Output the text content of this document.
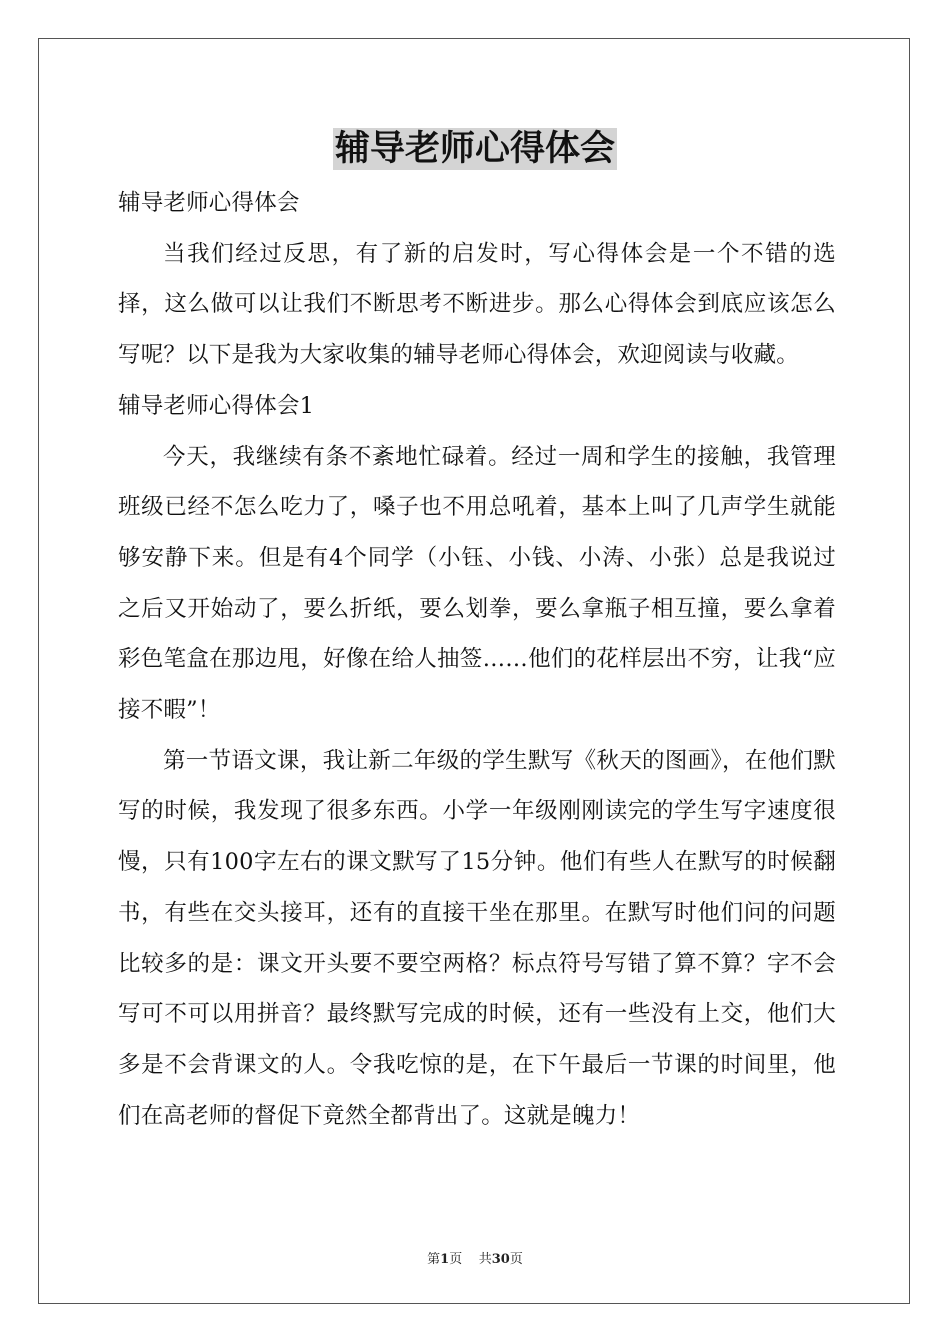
辅导老师心得体会

辅导老师心得体会

当我们经过反思，有了新的启发时，写心得体会是一个不错的选择，这么做可以让我们不断思考不断进步。那么心得体会到底应该怎么写呢？以下是我为大家收集的辅导老师心得体会，欢迎阅读与收藏。

辅导老师心得体会1

今天，我继续有条不紊地忙碌着。经过一周和学生的接触，我管理班级已经不怎么吃力了，嗓子也不用总吼着，基本上叫了几声学生就能够安静下来。但是有4个同学（小钰、小钱、小涛、小张）总是我说过之后又开始动了，要么折纸，要么划拳，要么拿瓶子相互撞，要么拿着彩色笔盒在那边甩，好像在给人抽签……他们的花样层出不穷，让我“应接不暇”！

第一节语文课，我让新二年级的学生默写《秋天的图画》，在他们默写的时候，我发现了很多东西。小学一年级刚刚读完的学生写字速度很慢，只有100字左右的课文默写了15分钟。他们有些人在默写的时候翻书，有些在交头接耳，还有的直接干坐在那里。在默写时他们问的问题比较多的是：课文开头要不要空两格？标点符号写错了算不算？字不会写可不可以用拼音？最终默写完成的时候，还有一些没有上交，他们大多是不会背课文的人。令我吃惊的是，在下午最后一节课的时间里，他们在高老师的督促下竟然全都背出了。这就是魄力！

第1页 共30页
